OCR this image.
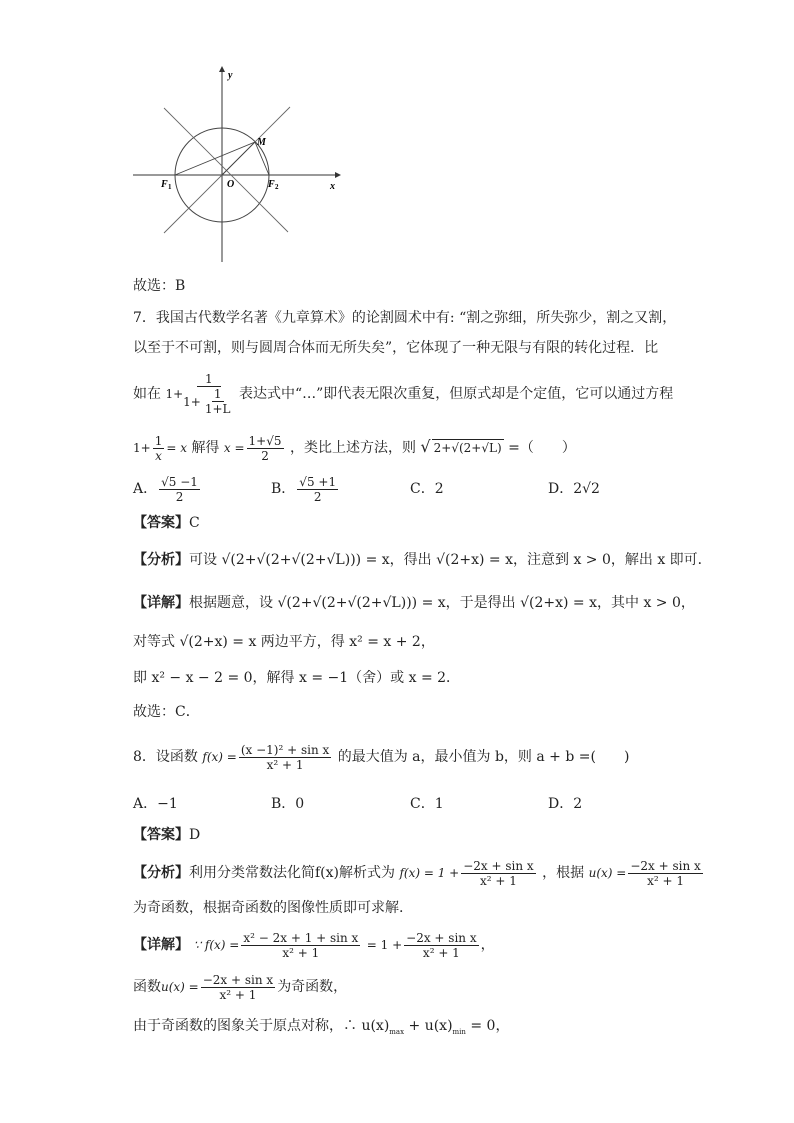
y
M
x
O
F 1	F 2
故选：B
7．我国古代数学名著《九章算术》的论割圆术中有: “割之弥细，所失弥少，割之又割，
以至于不可割，则与圆周合体而无所失矣”，它体现了一种无限与有限的转化过程．比
如在 $1+ \frac{1}{1+ \frac{1}{1+L}}$ 表达式中“…”即代表无限次重复，但原式却是个定值，它可以通过方程
$1+ \frac{1}{x} = x$ 解得 $x = \frac{1+√5}{2}$ ，类比上述方法，则 √ 2+√(2+√L) =（　　）
A． $\frac{√5 -1}{2}$	B． $\frac{√5 +1}{2}$	C．2	D．2√2
【答案】C
【分析】可设 √(2+√(2+√(2+√L))) = x，得出 √(2+x) = x，注意到 x > 0，解出 x 即可．
【详解】根据题意，设 √(2+√(2+√(2+√L))) = x，于是得出 √(2+x) = x，其中 x > 0，
对等式 √(2+x) = x 两边平方，得 x² = x + 2，
即 x² − x − 2 = 0，解得 x = −1（舍）或 x = 2．
故选：C．
8．设函数 $f(x) = \frac{\text{(x −1)² + sin x}}{\text{x² + 1}}$ 的最大值为 a，最小值为 b，则 a + b =(　　)
A．−1	B．0	C．1	D．2
【答案】D
【分析】利用分类常数法化简f(x)解析式为 $f(x) = 1 + \frac{\text{−2x + sin x}}{\text{x² + 1}}$ ，根据 $u(x) = \frac{\text{−2x + sin x}}{\text{x² + 1}}$
为奇函数，根据奇函数的图像性质即可求解.
【详解】 ∵ $f(x) = \frac{\text{x² − 2x + 1 + sin x}}{\text{x² + 1}} = 1 + \frac{\text{−2x + sin x}}{\text{x² + 1}}$ ，
函数$u(x) = \frac{\text{−2x + sin x}}{\text{x² + 1}}$ 为奇函数，
由于奇函数的图象关于原点对称，∴ $u(x)_{max} + u(x)_{min} = 0$，
